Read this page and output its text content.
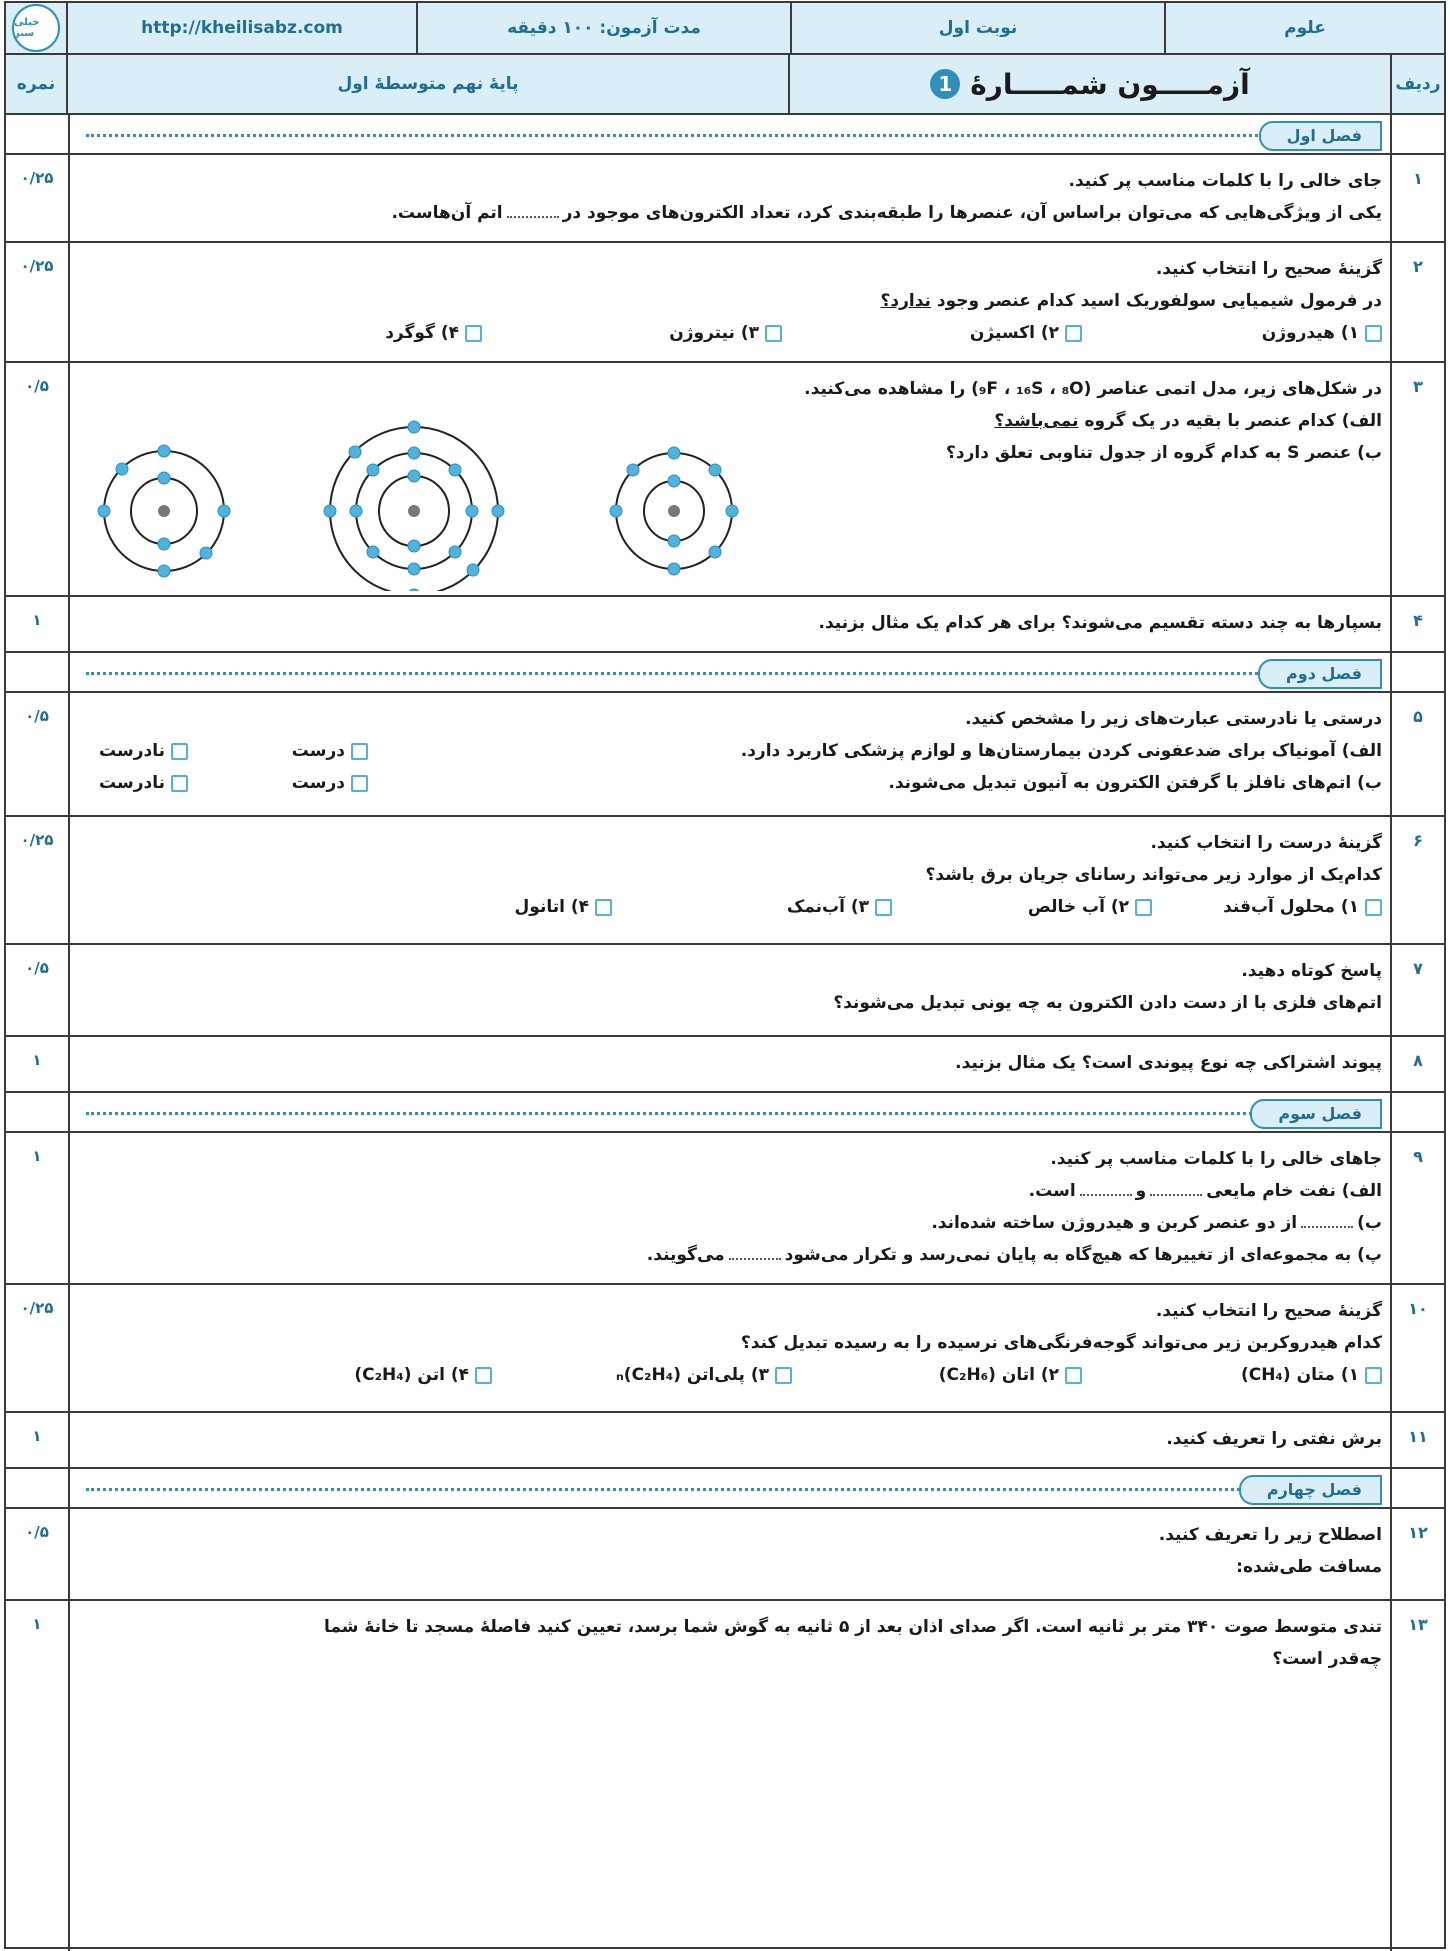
خیلی سبز	http://kheilisabz.com	مدت آزمون: ۱۰۰ دقیقه	نوبت اول	علوم
نمره	پایهٔ نهم متوسطهٔ اول	1 آزمـــــون شمـــــارهٔ	ردیف
فصل اول
۰/۲۵	۱

جای خالی را با کلمات مناسب پر کنید.

یکی از ویژگی‌هایی که می‌توان براساس آن، عنصرها را طبقه‌بندی کرد، تعداد الکترون‌های موجود دراتم آن‌هاست.

۰/۲۵	۲

گزینهٔ صحیح را انتخاب کنید.

در فرمول شیمیایی سولفوریک اسید کدام عنصر وجود ندارد؟

۱) هیدروژن
۲) اکسیژن
۳) نیتروژن
۴) گوگرد
۰/۵	۳

در شکل‌های زیر، مدل اتمی عناصر (₉F ، ₁₆S ، ₈O) را مشاهده می‌کنید.

الف) کدام عنصر با بقیه در یک گروه نمی‌باشد؟

ب) عنصر S به کدام گروه از جدول تناوبی تعلق دارد؟

۱	۴

بسپارها به چند دسته تقسیم می‌شوند؟ برای هر کدام یک مثال بزنید.

فصل دوم
۰/۵	۵

درستی یا نادرستی عبارت‌های زیر را مشخص کنید.

الف) آمونیاک برای ضدعفونی کردن بیمارستان‌ها و لوازم پزشکی کاربرد دارد.
درست
نادرست
ب) اتم‌های نافلز با گرفتن الکترون به آنیون تبدیل می‌شوند.
درست
نادرست
۰/۲۵	۶

گزینهٔ درست را انتخاب کنید.

کدام‌یک از موارد زیر می‌تواند رسانای جریان برق باشد؟

۱) محلول آب‌قند
۲) آب خالص
۳) آب‌نمک
۴) اتانول
۰/۵	۷

پاسخ کوتاه دهید.

اتم‌های فلزی با از دست دادن الکترون به چه یونی تبدیل می‌شوند؟

۱	۸

پیوند اشتراکی چه نوع پیوندی است؟ یک مثال بزنید.

فصل سوم
۱	۹

جاهای خالی را با کلمات مناسب پر کنید.

الف) نفت خام مایعیواست.

ب)از دو عنصر کربن و هیدروژن ساخته شده‌اند.

پ) به مجموعه‌ای از تغییرها که هیچ‌گاه به پایان نمی‌رسد و تکرار می‌شودمی‌گویند.

۰/۲۵	۱۰

گزینهٔ صحیح را انتخاب کنید.

کدام هیدروکربن زیر می‌تواند گوجه‌فرنگی‌های نرسیده را به رسیده تبدیل کند؟

۱) متان (CH₄)
۲) اتان (C₂H₆)
۳) پلی‌اتن (C₂H₄)ₙ
۴) اتن (C₂H₄)
۱	۱۱

برش نفتی را تعریف کنید.

فصل چهارم
۰/۵	۱۲

اصطلاح زیر را تعریف کنید.

مسافت طی‌شده:

۱	۱۳

تندی متوسط صوت ۳۴۰ متر بر ثانیه است. اگر صدای اذان بعد از ۵ ثانیه به گوش شما برسد، تعیین کنید فاصلهٔ مسجد تا خانهٔ شما

چه‌قدر است؟
